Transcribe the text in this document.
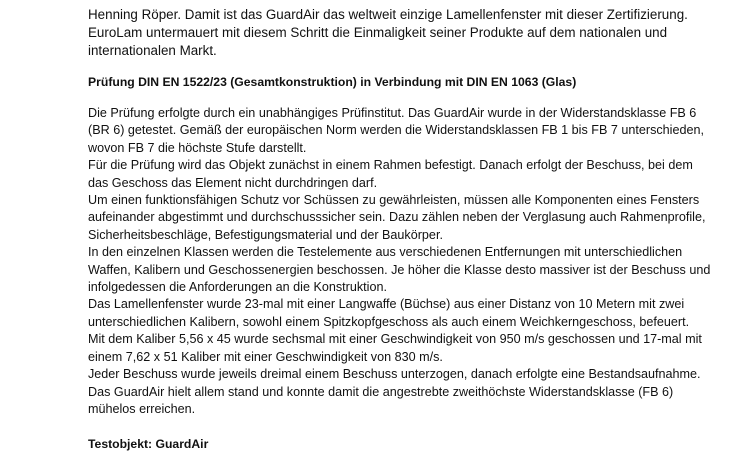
Henning Röper. Damit ist das GuardAir das weltweit einzige Lamellenfenster mit dieser Zertifizierung.

EuroLam untermauert mit diesem Schritt die Einmaligkeit seiner Produkte auf dem nationalen und

internationalen Markt.

Prüfung DIN EN 1522/23 (Gesamtkonstruktion) in Verbindung mit DIN EN 1063 (Glas)

Die Prüfung erfolgte durch ein unabhängiges Prüfinstitut. Das GuardAir wurde in der Widerstandsklasse FB 6

(BR 6) getestet. Gemäß der europäischen Norm werden die Widerstandsklassen FB 1 bis FB 7 unterschieden,

wovon FB 7 die höchste Stufe darstellt.

Für die Prüfung wird das Objekt zunächst in einem Rahmen befestigt. Danach erfolgt der Beschuss, bei dem

das Geschoss das Element nicht durchdringen darf.

Um einen funktionsfähigen Schutz vor Schüssen zu gewährleisten, müssen alle Komponenten eines Fensters

aufeinander abgestimmt und durchschusssicher sein. Dazu zählen neben der Verglasung auch Rahmenprofile,

Sicherheitsbeschläge, Befestigungsmaterial und der Baukörper.

In den einzelnen Klassen werden die Testelemente aus verschiedenen Entfernungen mit unterschiedlichen

Waffen, Kalibern und Geschossenergien beschossen. Je höher die Klasse desto massiver ist der Beschuss und

infolgedessen die Anforderungen an die Konstruktion.

Das Lamellenfenster wurde 23-mal mit einer Langwaffe (Büchse) aus einer Distanz von 10 Metern mit zwei

unterschiedlichen Kalibern, sowohl einem Spitzkopfgeschoss als auch einem Weichkerngeschoss, befeuert.

Mit dem Kaliber 5,56 x 45 wurde sechsmal mit einer Geschwindigkeit von 950 m/s geschossen und 17-mal mit

einem 7,62 x 51 Kaliber mit einer Geschwindigkeit von 830 m/s.

Jeder Beschuss wurde jeweils dreimal einem Beschuss unterzogen, danach erfolgte eine Bestandsaufnahme.

Das GuardAir hielt allem stand und konnte damit die angestrebte zweithöchste Widerstandsklasse (FB 6)

mühelos erreichen.

Testobjekt: GuardAir
